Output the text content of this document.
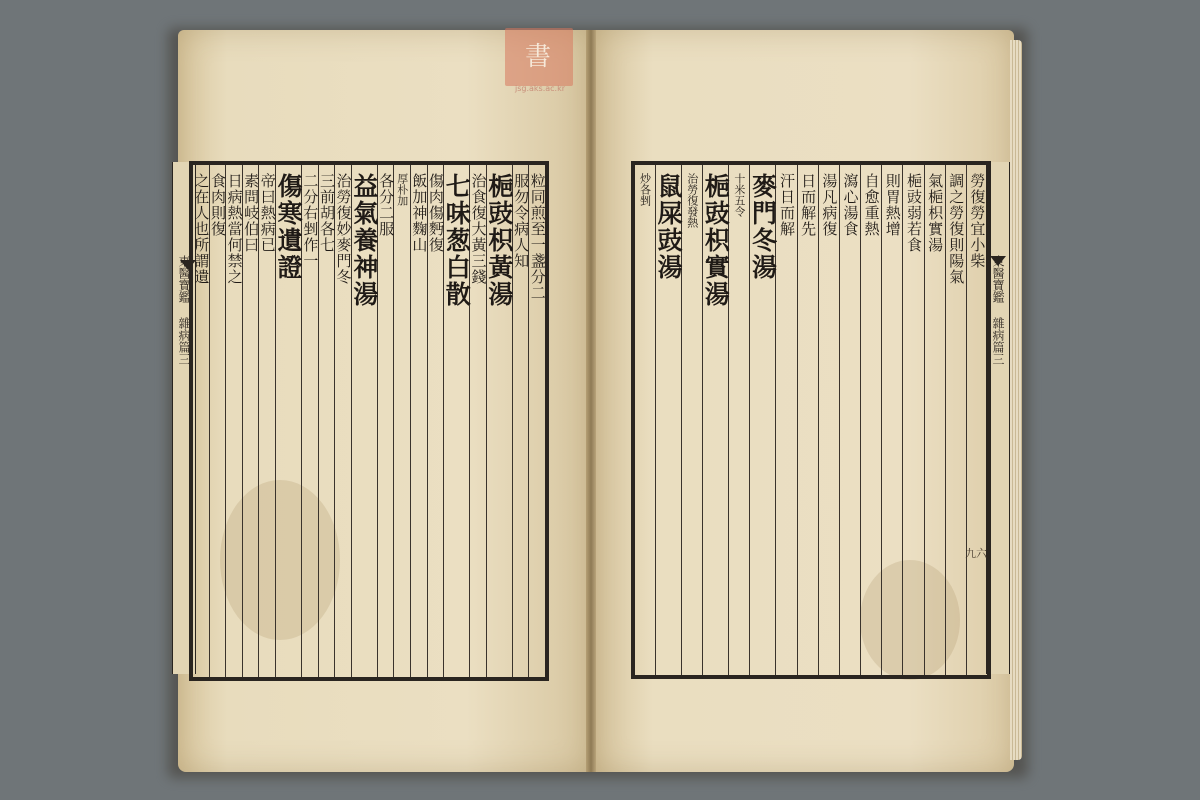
書
jsg.aks.ac.kr
東醫寶鑑 雜病篇三	東醫寶鑑 雜病篇三
九六
粒同煎至一盞分二
服勿令病人知
梔豉枳黃湯
治食復大黃三錢
七味葱白散
傷肉傷麪復
飯加神麴山
厚朴加
各分二服
益氣養神湯
治勞復妙麥門冬
三前胡各七
二分右剉作一
傷寒遺證
帝曰熱病已
素問岐伯曰
日病熱當何禁之
食肉則復
之在人也所謂遺	勞復勞宜小柴
調之勞復則陽氣
氣梔枳實湯
梔豉弱若食
則胃熱增
自愈重熱
瀉心湯食
湯凡病復
日而解先
汗日而解
麥門冬湯
十米五令
梔豉枳實湯
治勞復發熱
鼠屎豉湯
炒各剉
